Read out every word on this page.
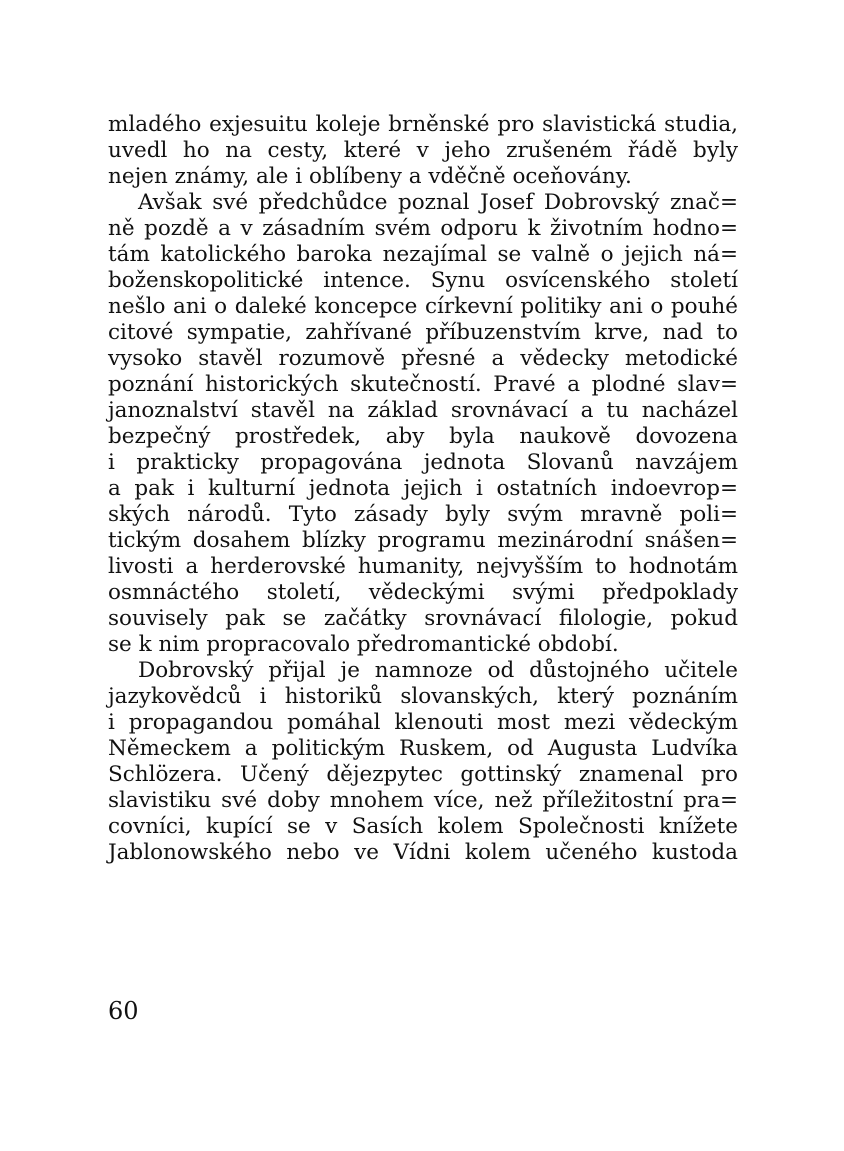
mladého exjesuitu koleje brněnské pro slavistická studia,
uvedl ho na cesty, které v jeho zrušeném řádě byly
nejen známy, ale i oblíbeny a vděčně oceňovány.
Avšak své předchůdce poznal Josef Dobrovský znač=
ně pozdě a v zásadním svém odporu k životním hodno=
tám katolického baroka nezajímal se valně o jejich ná=
boženskopolitické intence. Synu osvícenského století
nešlo ani o daleké koncepce církevní politiky ani o pouhé
citové sympatie, zahřívané příbuzenstvím krve, nad to
vysoko stavěl rozumově přesné a vědecky metodické
poznání historických skutečností. Pravé a plodné slav=
janoznalství stavěl na základ srovnávací a tu nacházel
bezpečný prostředek, aby byla naukově dovozena
i prakticky propagována jednota Slovanů navzájem
a pak i kulturní jednota jejich i ostatních indoevrop=
ských národů. Tyto zásady byly svým mravně poli=
tickým dosahem blízky programu mezinárodní snášen=
livosti a herderovské humanity, nejvyšším to hodnotám
osmnáctého století, vědeckými svými předpoklady
souvisely pak se začátky srovnávací filologie, pokud
se k nim propracovalo předromantické období.
Dobrovský přijal je namnoze od důstojného učitele
jazykovědců i historiků slovanských, který poznáním
i propagandou pomáhal klenouti most mezi vědeckým
Německem a politickým Ruskem, od Augusta Ludvíka
Schlözera. Učený dějezpytec gottinský znamenal pro
slavistiku své doby mnohem více, než příležitostní pra=
covníci, kupící se v Sasích kolem Společnosti knížete
Jablonowského nebo ve Vídni kolem učeného kustoda
60
